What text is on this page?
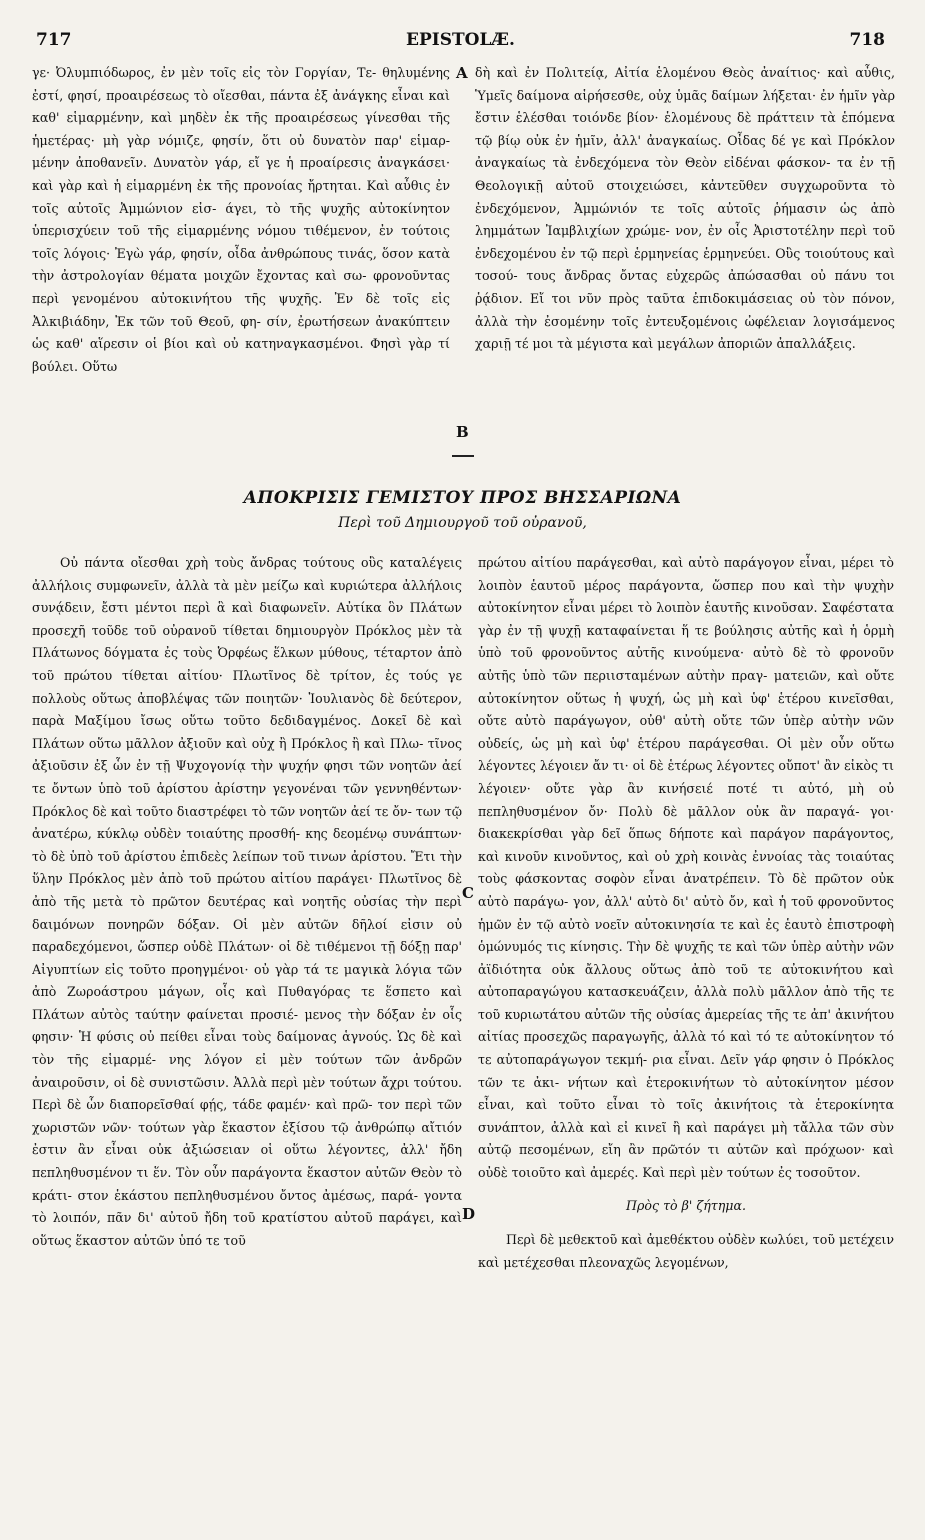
717	EPISTOLÆ.	718

γε· Ὀλυμπιόδωρος, ἐν μὲν τοῖς εἰς τὸν Γοργίαν, Τε- θηλυμένης ἐστί, φησί, προαιρέσεως τὸ οἴεσθαι, πάντα ἐξ ἀνάγκης εἶναι καὶ καθ' εἱμαρμένην, καὶ μηδὲν ἐκ τῆς προαιρέσεως γίνεσθαι τῆς ἡμετέρας· μὴ γὰρ νόμιζε, φησίν, ὅτι οὐ δυνατὸν παρ' εἱμαρ- μένην ἀποθανεῖν. Δυνατὸν γάρ, εἴ γε ἡ προαίρεσις ἀναγκάσει· καὶ γὰρ καὶ ἡ εἱμαρμένη ἐκ τῆς προνοίας ἤρτηται. Καὶ αὖθις ἐν τοῖς αὐτοῖς Ἀμμώνιον εἰσ- άγει, τὸ τῆς ψυχῆς αὐτοκίνητον ὑπερισχύειν τοῦ τῆς εἱμαρμένης νόμου τιθέμενον, ἐν τούτοις τοῖς λόγοις· Ἐγὼ γάρ, φησίν, οἶδα ἀνθρώπους τινάς, ὅσον κατὰ τὴν ἀστρολογίαν θέματα μοιχῶν ἔχοντας καὶ σω- φρονοῦντας περὶ γενομένου αὐτοκινήτου τῆς ψυχῆς. Ἐν δὲ τοῖς εἰς Ἀλκιβιάδην, Ἐκ τῶν τοῦ Θεοῦ, φη- σίν, ἐρωτήσεων ἀνακύπτειν ὡς καθ' αἵρεσιν οἱ βίοι καὶ οὐ κατηναγκασμένοι. Φησὶ γὰρ τί βούλει. Οὕτω

δὴ καὶ ἐν Πολιτείᾳ, Αἰτία ἑλομένου Θεὸς ἀναίτιος· καὶ αὖθις, Ὑμεῖς δαίμονα αἱρήσεσθε, οὐχ ὑμᾶς δαίμων λήξεται· ἐν ἡμῖν γὰρ ἔστιν ἑλέσθαι τοιόνδε βίον· ἑλομένους δὲ πράττειν τὰ ἑπόμενα τῷ βίῳ οὐκ ἐν ἡμῖν, ἀλλ' ἀναγκαίως. Οἶδας δέ γε καὶ Πρόκλον ἀναγκαίως τὰ ἐνδεχόμενα τὸν Θεὸν εἰδέναι φάσκον- τα ἐν τῇ Θεολογικῇ αὐτοῦ στοιχειώσει, κἀντεῦθεν συγχωροῦντα τὸ ἐνδεχόμενον, Ἀμμώνιόν τε τοῖς αὐτοῖς ῥήμασιν ὡς ἀπὸ λημμάτων Ἰαμβλιχίων χρώμε- νον, ἐν οἷς Ἀριστοτέλην περὶ τοῦ ἐνδεχομένου ἐν τῷ περὶ ἑρμηνείας ἑρμηνεύει. Οὓς τοιούτους καὶ τοσού- τους ἄνδρας ὄντας εὐχερῶς ἀπώσασθαι οὐ πάνυ τοι ῥᾴδιον. Εἴ τοι νῦν πρὸς ταῦτα ἐπιδοκιμάσειας οὐ τὸν πόνον, ἀλλὰ τὴν ἐσομένην τοῖς ἐντευξομένοις ὠφέλειαν λογισάμενος χαριῇ τέ μοι τὰ μέγιστα καὶ μεγάλων ἀποριῶν ἀπαλλάξεις.

A
B
ΑΠΟΚΡΙΣΙΣ ΓΕΜΙΣΤΟΥ ΠΡΟΣ ΒΗΣΣΑΡΙΩΝΑ
Περὶ τοῦ Δημιουργοῦ τοῦ οὐρανοῦ,

Οὐ πάντα οἴεσθαι χρὴ τοὺς ἄνδρας τούτους οὓς καταλέγεις ἀλλήλοις συμφωνεῖν, ἀλλὰ τὰ μὲν μείζω καὶ κυριώτερα ἀλλήλοις συνᾴδειν, ἔστι μέντοι περὶ ἃ καὶ διαφωνεῖν. Αὐτίκα ὃν Πλάτων προσεχῆ τοῦδε τοῦ οὐρανοῦ τίθεται δημιουργὸν Πρόκλος μὲν τὰ Πλάτωνος δόγματα ἐς τοὺς Ὀρφέως ἕλκων μύθους, τέταρτον ἀπὸ τοῦ πρώτου τίθεται αἰτίου· Πλωτῖνος δὲ τρίτον, ἐς τούς γε πολλοὺς οὕτως ἀποβλέψας τῶν ποιητῶν· Ἰουλιανὸς δὲ δεύτερον, παρὰ Μαξίμου ἴσως οὕτω τοῦτο δεδιδαγμένος. Δοκεῖ δὲ καὶ Πλάτων οὕτω μᾶλλον ἀξιοῦν καὶ οὐχ ἢ Πρόκλος ἢ καὶ Πλω- τῖνος ἀξιοῦσιν ἐξ ὧν ἐν τῇ Ψυχογονίᾳ τὴν ψυχήν φησι τῶν νοητῶν ἀεί τε ὄντων ὑπὸ τοῦ ἀρίστου ἀρίστην γεγονέναι τῶν γεννηθέντων· Πρόκλος δὲ καὶ τοῦτο διαστρέφει τὸ τῶν νοητῶν ἀεί τε ὄν- των τῷ ἀνατέρω, κύκλῳ οὐδὲν τοιαύτης προσθή- κης δεομένῳ συνάπτων· τὸ δὲ ὑπὸ τοῦ ἀρίστου ἐπιδεὲς λείπων τοῦ τινων ἀρίστου. Ἔτι τὴν ὕλην Πρόκλος μὲν ἀπὸ τοῦ πρώτου αἰτίου παράγει· Πλωτῖνος δὲ ἀπὸ τῆς μετὰ τὸ πρῶτον δευτέρας καὶ νοητῆς οὐσίας τὴν περὶ δαιμόνων πονηρῶν δόξαν. Οἱ μὲν αὐτῶν δῆλοί εἰσιν οὐ παραδεχόμενοι, ὥσπερ οὐδὲ Πλάτων· οἱ δὲ τιθέμενοι τῇ δόξῃ παρ' Αἰγυπτίων εἰς τοῦτο προηγμένοι· οὐ γὰρ τά τε μαγικὰ λόγια τῶν ἀπὸ Ζωροάστρου μάγων, οἷς καὶ Πυθαγόρας τε ἕσπετο καὶ Πλάτων αὐτὸς ταύτην φαίνεται προσιέ- μενος τὴν δόξαν ἐν οἷς φησιν· Ἡ φύσις οὐ πείθει εἶναι τοὺς δαίμονας ἁγνούς. Ὡς δὲ καὶ τὸν τῆς εἱμαρμέ- νης λόγον εἰ μὲν τούτων τῶν ἀνδρῶν ἀναιροῦσιν, οἱ δὲ συνιστῶσιν. Ἀλλὰ περὶ μὲν τούτων ἄχρι τούτου. Περὶ δὲ ὧν διαπορεῖσθαί φῄς, τάδε φαμέν· καὶ πρῶ- τον περὶ τῶν χωριστῶν νῶν· τούτων γὰρ ἕκαστον ἐξίσου τῷ ἀνθρώπῳ αἴτιόν ἐστιν ἂν εἶναι οὐκ ἀξιώσειαν οἱ οὕτω λέγοντες, ἀλλ' ἤδη πεπληθυσμένον τι ἕν. Τὸν οὖν παράγοντα ἕκαστον αὐτῶν Θεὸν τὸ κράτι- στον ἑκάστου πεπληθυσμένου ὄντος ἀμέσως, παρά- γοντα τὸ λοιπόν, πᾶν δι' αὐτοῦ ἤδη τοῦ κρατίστου αὐτοῦ παράγει, καὶ οὕτως ἕκαστον αὐτῶν ὑπό τε τοῦ

πρώτου αἰτίου παράγεσθαι, καὶ αὐτὸ παράγογον εἶναι, μέρει τὸ λοιπὸν ἑαυτοῦ μέρος παράγοντα, ὥσπερ που καὶ τὴν ψυχὴν αὐτοκίνητον εἶναι μέρει τὸ λοιπὸν ἑαυτῆς κινοῦσαν. Σαφέστατα γὰρ ἐν τῇ ψυχῇ καταφαίνεται ἥ τε βούλησις αὐτῆς καὶ ἡ ὁρμὴ ὑπὸ τοῦ φρονοῦντος αὐτῆς κινούμενα· αὐτὸ δὲ τὸ φρονοῦν αὐτῆς ὑπὸ τῶν περιισταμένων αὐτὴν πραγ- ματειῶν, καὶ οὔτε αὐτοκίνητον οὕτως ἡ ψυχή, ὡς μὴ καὶ ὑφ' ἑτέρου κινεῖσθαι, οὔτε αὐτὸ παράγωγον, οὐθ' αὐτὴ οὔτε τῶν ὑπὲρ αὐτὴν νῶν οὐδείς, ὡς μὴ καὶ ὑφ' ἑτέρου παράγεσθαι. Οἱ μὲν οὖν οὕτω λέγοντες λέγοιεν ἄν τι· οἱ δὲ ἑτέρως λέγοντες οὔποτ' ἂν εἰκὸς τι λέγοιεν· οὔτε γὰρ ἂν κινήσειέ ποτέ τι αὐτό, μὴ οὐ πεπληθυσμένον ὄν· Πολὺ δὲ μᾶλλον οὐκ ἂν παραγά- γοι· διακεκρίσθαι γὰρ δεῖ ὅπως δήποτε καὶ παράγον παράγοντος, καὶ κινοῦν κινοῦντος, καὶ οὐ χρὴ κοινὰς ἐννοίας τὰς τοιαύτας τοὺς φάσκοντας σοφὸν εἶναι ἀνατρέπειν. Τὸ δὲ πρῶτον οὐκ αὐτὸ παράγω- γον, ἀλλ' αὐτὸ δι' αὐτὸ ὄν, καὶ ἡ τοῦ φρονοῦντος ἡμῶν ἐν τῷ αὐτὸ νοεῖν αὐτοκινησία τε καὶ ἐς ἑαυτὸ ἐπιστροφὴ ὁμώνυμός τις κίνησις. Τὴν δὲ ψυχῆς τε καὶ τῶν ὑπὲρ αὐτὴν νῶν ἀϊδιότητα οὐκ ἄλλους οὕτως ἀπὸ τοῦ τε αὐτοκινήτου καὶ αὐτοπαραγώγου κατασκευάζειν, ἀλλὰ πολὺ μᾶλλον ἀπὸ τῆς τε τοῦ κυριωτάτου αὐτῶν τῆς οὐσίας ἀμερείας τῆς τε ἀπ' ἀκινήτου αἰτίας προσεχῶς παραγωγῆς, ἀλλὰ τό καὶ τό τε αὐτοκίνητον τό τε αὐτοπαράγωγον τεκμή- ρια εἶναι. Δεῖν γάρ φησιν ὁ Πρόκλος τῶν τε ἀκι- νήτων καὶ ἑτεροκινήτων τὸ αὐτοκίνητον μέσον εἶναι, καὶ τοῦτο εἶναι τὸ τοῖς ἀκινήτοις τὰ ἑτεροκίνητα συνάπτον, ἀλλὰ καὶ εἰ κινεῖ ἢ καὶ παράγει μὴ τἄλλα τῶν σὺν αὐτῷ πεσομένων, εἴη ἂν πρῶτόν τι αὐτῶν καὶ πρόχωον· καὶ οὐδὲ τοιοῦτο καὶ ἀμερές. Καὶ περὶ μὲν τούτων ἐς τοσοῦτον.

Πρὸς τὸ β' ζήτημα.

Περὶ δὲ μεθεκτοῦ καὶ ἀμεθέκτου οὐδὲν κωλύει, τοῦ μετέχειν καὶ μετέχεσθαι πλεοναχῶς λεγομένων,

C
D
